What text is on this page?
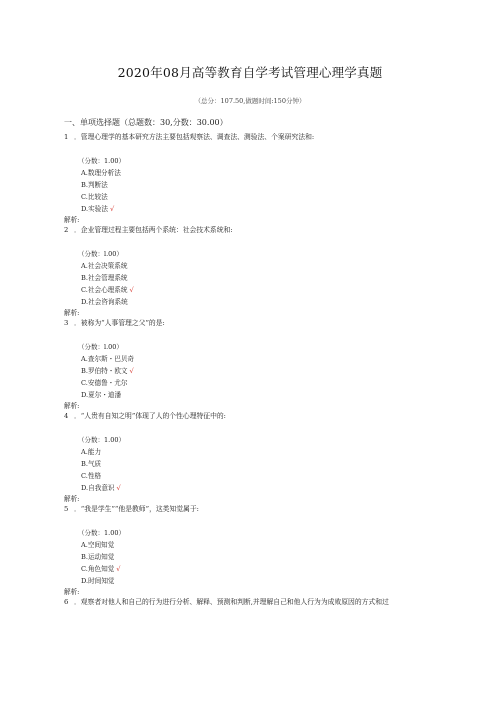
2020年08月高等教育自学考试管理心理学真题
（总分：107.50,做题时间:150分钟）
一、单项选择题（总题数：30,分数：30.00）
1 ．管理心理学的基本研究方法主要包括观察法、调查法、测验法、个案研究法和:
（分数：1.00）
A.数理分析法
B.判断法
C.比较法
D.实验法 √
解析:
2 ．企业管理过程主要包括两个系统：社会技术系统和:
（分数：l.00）
A.社会决策系统
B.社会管理系统
C.社会心理系统 √
D.社会咨询系统
解析:
3 ．被称为“人事管理之父”的是:
（分数：l.00）
A.查尔斯・巴贝奇
B.罗伯特・欧文 √
C.安德鲁・尤尔
D.夏尔・迪潘
解析:
4 ．“人贵有自知之明”体现了人的个性心理特征中的:
（分数：1.00）
A.能力
B.气质
C.性格
D.自我意识 √
解析:
5 ．“我是学生”“他是教师”，这类知觉属于:
（分数：1.00）
A.空间知觉
B.运动知觉
C.角色知觉 √
D.时间知觉
解析:
6 ．观察者对他人和自己的行为进行分析、解释、预测和判断,并理解自己和他人行为为成败原因的方式和过
